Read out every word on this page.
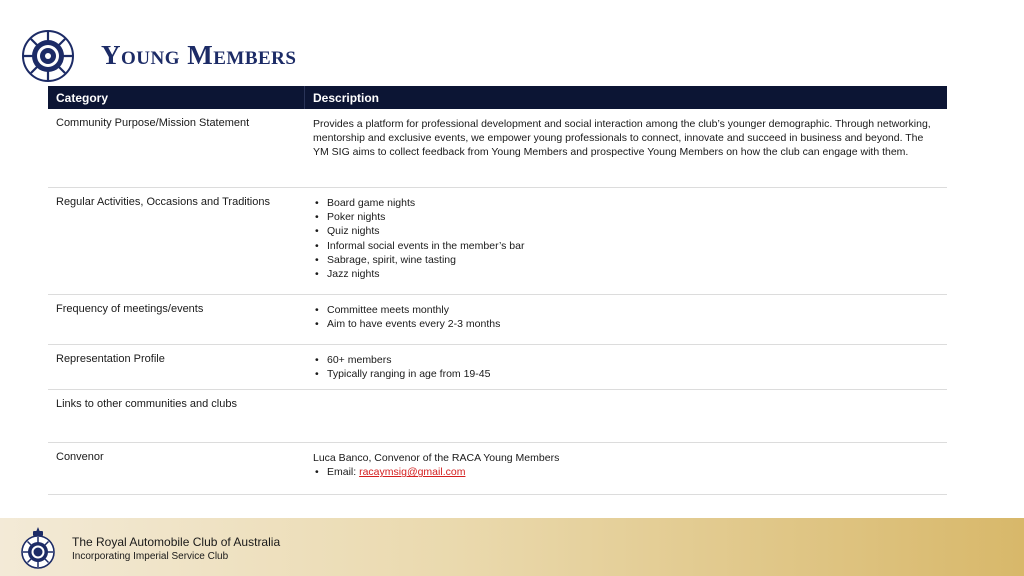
Young Members
Category	Description
Community Purpose/Mission Statement	Provides a platform for professional development and social interaction among the club’s younger demographic. Through networking, mentorship and exclusive events, we empower young professionals to connect, innovate and succeed in business and beyond. The YM SIG aims to collect feedback from Young Members and prospective Young Members on how the club can engage with them.
Regular Activities, Occasions and Traditions	• Board game nights
• Poker nights
• Quiz nights
• Informal social events in the member’s bar
• Sabrage, spirit, wine tasting
• Jazz nights
Frequency of meetings/events	• Committee meets monthly
• Aim to have events every 2-3 months
Representation Profile	• 60+ members
• Typically ranging in age from 19-45
Links to other communities and clubs
Convenor	Luca Banco, Convenor of the RACA Young Members
• Email: racaymsig@gmail.com
The Royal Automobile Club of Australia
Incorporating Imperial Service Club
